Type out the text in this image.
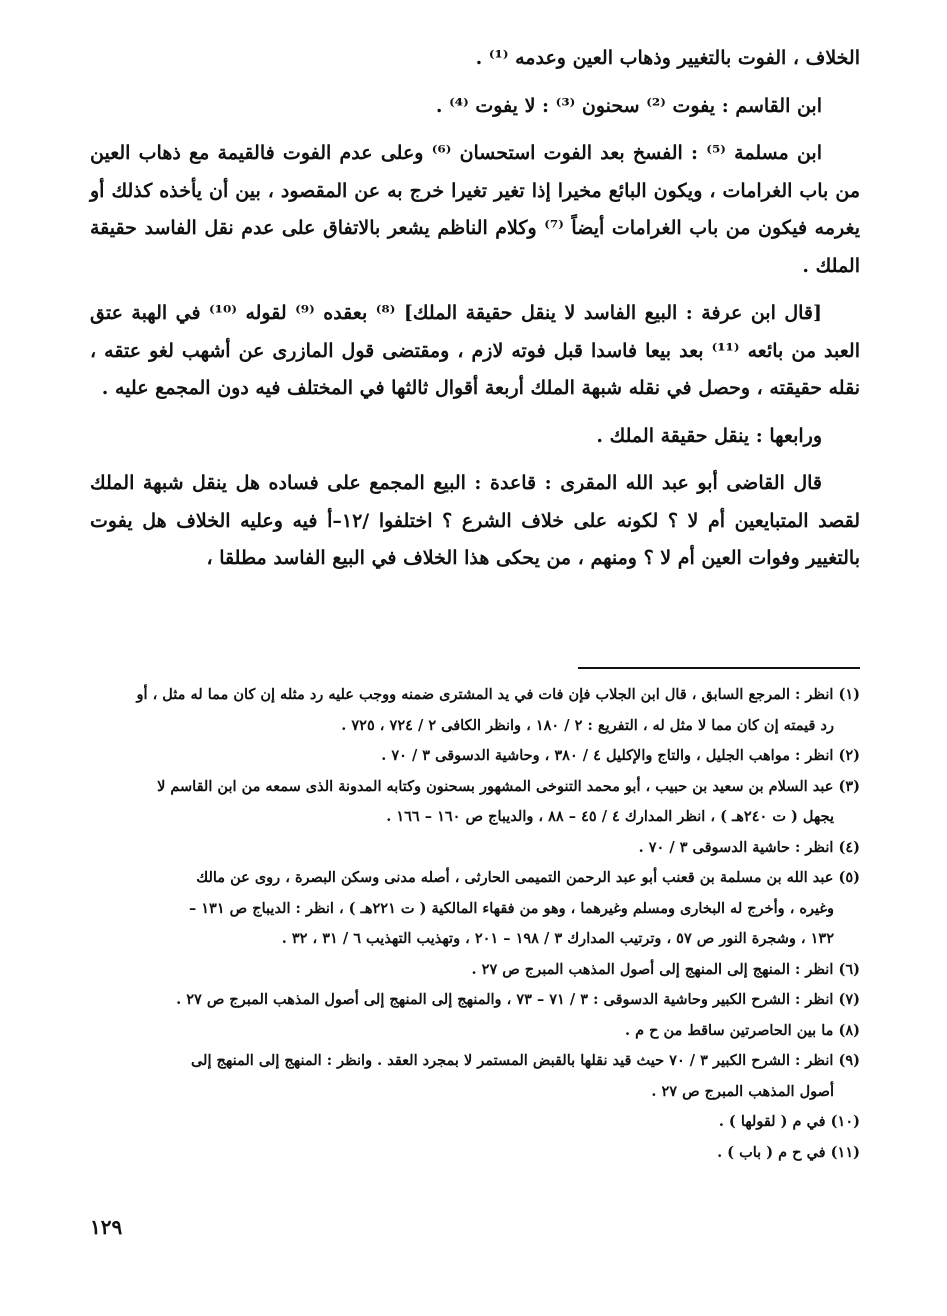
الخلاف ، الفوت بالتغيير وذهاب العين وعدمه ⁽¹⁾ .

ابن القاسم : يفوت ⁽²⁾ سحنون ⁽³⁾ : لا يفوت ⁽⁴⁾ .

ابن مسلمة ⁽⁵⁾ : الفسخ بعد الفوت استحسان ⁽⁶⁾ وعلى عدم الفوت فالقيمة مع ذهاب العين من باب الغرامات ، ويكون البائع مخيرا إذا تغير تغيرا خرج به عن المقصود ، بين أن يأخذه كذلك أو يغرمه فيكون من باب الغرامات أيضاً ⁽⁷⁾ وكلام الناظم يشعر بالاتفاق على عدم نقل الفاسد حقيقة الملك .

[قال ابن عرفة : البيع الفاسد لا ينقل حقيقة الملك] ⁽⁸⁾ بعقده ⁽⁹⁾ لقوله ⁽¹⁰⁾ في الهبة عتق العبد من بائعه ⁽¹¹⁾ بعد بيعا فاسدا قبل فوته لازم ، ومقتضى قول المازرى عن أشهب لغو عتقه ، نقله حقيقته ، وحصل في نقله شبهة الملك أربعة أقوال ثالثها في المختلف فيه دون المجمع عليه .

ورابعها : ينقل حقيقة الملك .

قال القاضى أبو عبد الله المقرى : قاعدة : البيع المجمع على فساده هل ينقل شبهة الملك لقصد المتبايعين أم لا ؟ لكونه على خلاف الشرع ؟ اختلفوا /١٢–أ فيه وعليه الخلاف هل يفوت بالتغيير وفوات العين أم لا ؟ ومنهم ، من يحكى هذا الخلاف في البيع الفاسد مطلقا ،

(١) انظر : المرجع السابق ، قال ابن الجلاب فإن فات في يد المشترى ضمنه ووجب عليه رد مثله إن كان مما له مثل ، أو
رد قيمته إن كان مما لا مثل له ، التفريع : ٢ / ١٨٠ ، وانظر الكافى ٢ / ٧٢٤ ، ٧٢٥ .
(٢) انظر : مواهب الجليل ، والتاج والإكليل ٤ / ٣٨٠ ، وحاشية الدسوقى ٣ / ٧٠ .
(٣) عبد السلام بن سعيد بن حبيب ، أبو محمد التنوخى المشهور بسحنون وكتابه المدونة الذى سمعه من ابن القاسم لا
يجهل ( ت ٢٤٠هـ ) ، انظر المدارك ٤ / ٤٥ – ٨٨ ، والديباج ص ١٦٠ – ١٦٦ .
(٤) انظر : حاشية الدسوقى ٣ / ٧٠ .
(٥) عبد الله بن مسلمة بن قعنب أبو عبد الرحمن التميمى الحارثى ، أصله مدنى وسكن البصرة ، روى عن مالك
وغيره ، وأخرج له البخارى ومسلم وغيرهما ، وهو من فقهاء المالكية ( ت ٢٢١هـ ) ، انظر : الديباج ص ١٣١ –
١٣٢ ، وشجرة النور ص ٥٧ ، وترتيب المدارك ٣ / ١٩٨ – ٢٠١ ، وتهذيب التهذيب ٦ / ٣١ ، ٣٢ .
(٦) انظر : المنهج إلى المنهج إلى أصول المذهب المبرج ص ٢٧ .
(٧) انظر : الشرح الكبير وحاشية الدسوقى : ٣ / ٧١ – ٧٣ ، والمنهج إلى المنهج إلى أصول المذهب المبرج ص ٢٧ .
(٨) ما بين الحاصرتين ساقط من ح م .
(٩) انظر : الشرح الكبير ٣ / ٧٠ حيث قيد نقلها بالقبض المستمر لا بمجرد العقد . وانظر : المنهج إلى المنهج إلى
أصول المذهب المبرج ص ٢٧ .
(١٠) في م ( لقولها ) .
(١١) في ح م ( باب ) .
١٢٩
